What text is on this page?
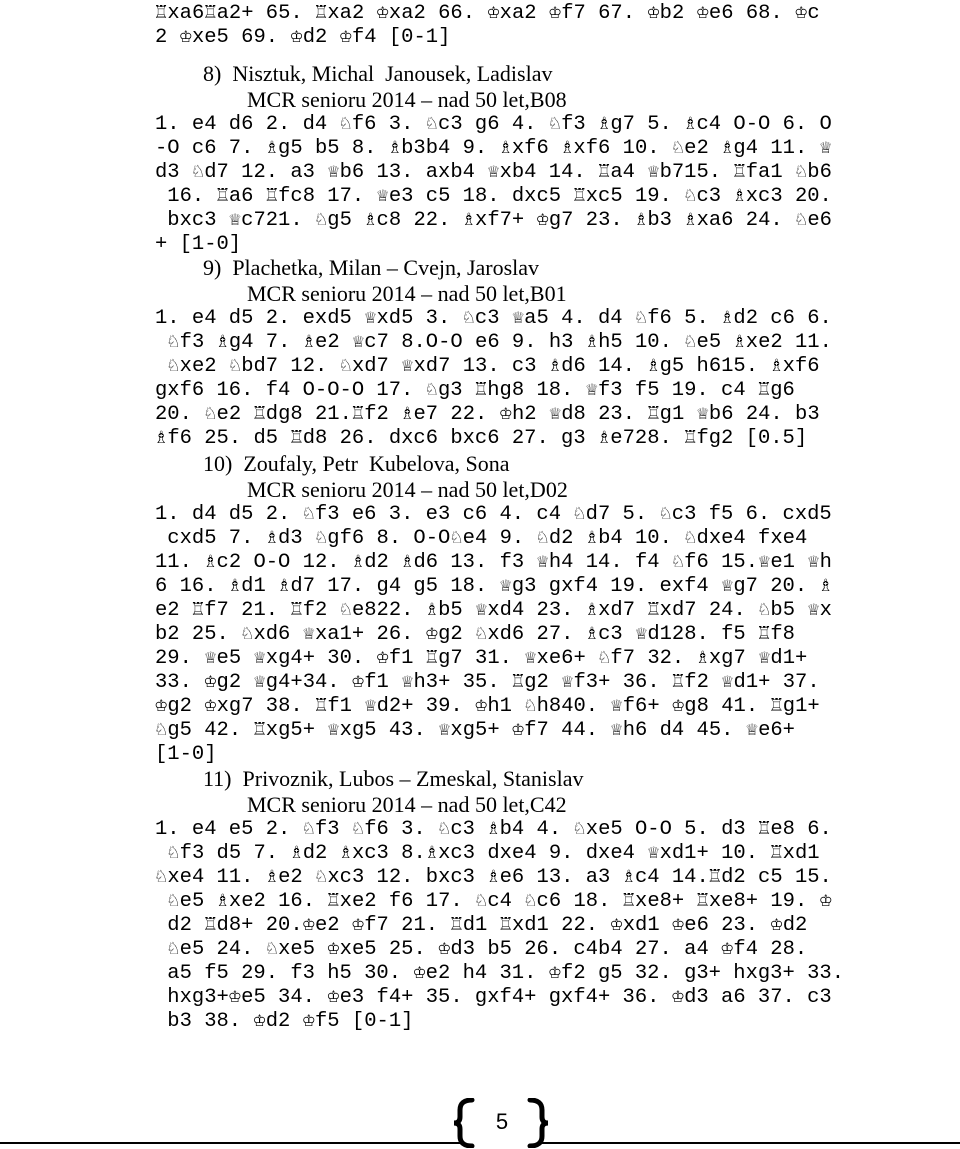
♖xa6♖a2+ 65. ♖xa2 ♔xa2 66. ♔xa2 ♔f7 67. ♔b2 ♔e6 68. ♔c
2 ♔xe5 69. ♔d2 ♔f4 [0-1]
8)  Nisztuk, Michal  Janousek, Ladislav
MCR senioru 2014 – nad 50 let,B08
1. e4 d6 2. d4 ♘f6 3. ♘c3 g6 4. ♘f3 ♗g7 5. ♗c4 O-O 6. O
-O c6 7. ♗g5 b5 8. ♗b3b4 9. ♗xf6 ♗xf6 10. ♘e2 ♗g4 11. ♕
d3 ♘d7 12. a3 ♕b6 13. axb4 ♕xb4 14. ♖a4 ♕b715. ♖fa1 ♘b6
16. ♖a6 ♖fc8 17. ♕e3 c5 18. dxc5 ♖xc5 19. ♘c3 ♗xc3 20.
bxc3 ♕c721. ♘g5 ♗c8 22. ♗xf7+ ♔g7 23. ♗b3 ♗xa6 24. ♘e6
+ [1-0]
9)  Plachetka, Milan – Cvejn, Jaroslav
MCR senioru 2014 – nad 50 let,B01
1. e4 d5 2. exd5 ♕xd5 3. ♘c3 ♕a5 4. d4 ♘f6 5. ♗d2 c6 6.
♘f3 ♗g4 7. ♗e2 ♕c7 8.O-O e6 9. h3 ♗h5 10. ♘e5 ♗xe2 11.
♘xe2 ♘bd7 12. ♘xd7 ♕xd7 13. c3 ♗d6 14. ♗g5 h615. ♗xf6
gxf6 16. f4 O-O-O 17. ♘g3 ♖hg8 18. ♕f3 f5 19. c4 ♖g6
20. ♘e2 ♖dg8 21.♖f2 ♗e7 22. ♔h2 ♕d8 23. ♖g1 ♕b6 24. b3
♗f6 25. d5 ♖d8 26. dxc6 bxc6 27. g3 ♗e728. ♖fg2 [0.5]
10)  Zoufaly, Petr  Kubelova, Sona
MCR senioru 2014 – nad 50 let,D02
1. d4 d5 2. ♘f3 e6 3. e3 c6 4. c4 ♘d7 5. ♘c3 f5 6. cxd5
cxd5 7. ♗d3 ♘gf6 8. O-O♘e4 9. ♘d2 ♗b4 10. ♘dxe4 fxe4
11. ♗c2 O-O 12. ♗d2 ♗d6 13. f3 ♕h4 14. f4 ♘f6 15.♕e1 ♕h
6 16. ♗d1 ♗d7 17. g4 g5 18. ♕g3 gxf4 19. exf4 ♕g7 20. ♗
e2 ♖f7 21. ♖f2 ♘e822. ♗b5 ♕xd4 23. ♗xd7 ♖xd7 24. ♘b5 ♕x
b2 25. ♘xd6 ♕xa1+ 26. ♔g2 ♘xd6 27. ♗c3 ♕d128. f5 ♖f8
29. ♕e5 ♕xg4+ 30. ♔f1 ♖g7 31. ♕xe6+ ♘f7 32. ♗xg7 ♕d1+
33. ♔g2 ♕g4+34. ♔f1 ♕h3+ 35. ♖g2 ♕f3+ 36. ♖f2 ♕d1+ 37.
♔g2 ♔xg7 38. ♖f1 ♕d2+ 39. ♔h1 ♘h840. ♕f6+ ♔g8 41. ♖g1+
♘g5 42. ♖xg5+ ♕xg5 43. ♕xg5+ ♔f7 44. ♕h6 d4 45. ♕e6+
[1-0]
11)  Privoznik, Lubos – Zmeskal, Stanislav
MCR senioru 2014 – nad 50 let,C42
1. e4 e5 2. ♘f3 ♘f6 3. ♘c3 ♗b4 4. ♘xe5 O-O 5. d3 ♖e8 6.
♘f3 d5 7. ♗d2 ♗xc3 8.♗xc3 dxe4 9. dxe4 ♕xd1+ 10. ♖xd1
♘xe4 11. ♗e2 ♘xc3 12. bxc3 ♗e6 13. a3 ♗c4 14.♖d2 c5 15.
♘e5 ♗xe2 16. ♖xe2 f6 17. ♘c4 ♘c6 18. ♖xe8+ ♖xe8+ 19. ♔
d2 ♖d8+ 20.♔e2 ♔f7 21. ♖d1 ♖xd1 22. ♔xd1 ♔e6 23. ♔d2
♘e5 24. ♘xe5 ♔xe5 25. ♔d3 b5 26. c4b4 27. a4 ♔f4 28.
a5 f5 29. f3 h5 30. ♔e2 h4 31. ♔f2 g5 32. g3+ hxg3+ 33.
hxg3+♔e5 34. ♔e3 f4+ 35. gxf4+ gxf4+ 36. ♔d3 a6 37. c3
b3 38. ♔d2 ♔f5 [0-1]
5
